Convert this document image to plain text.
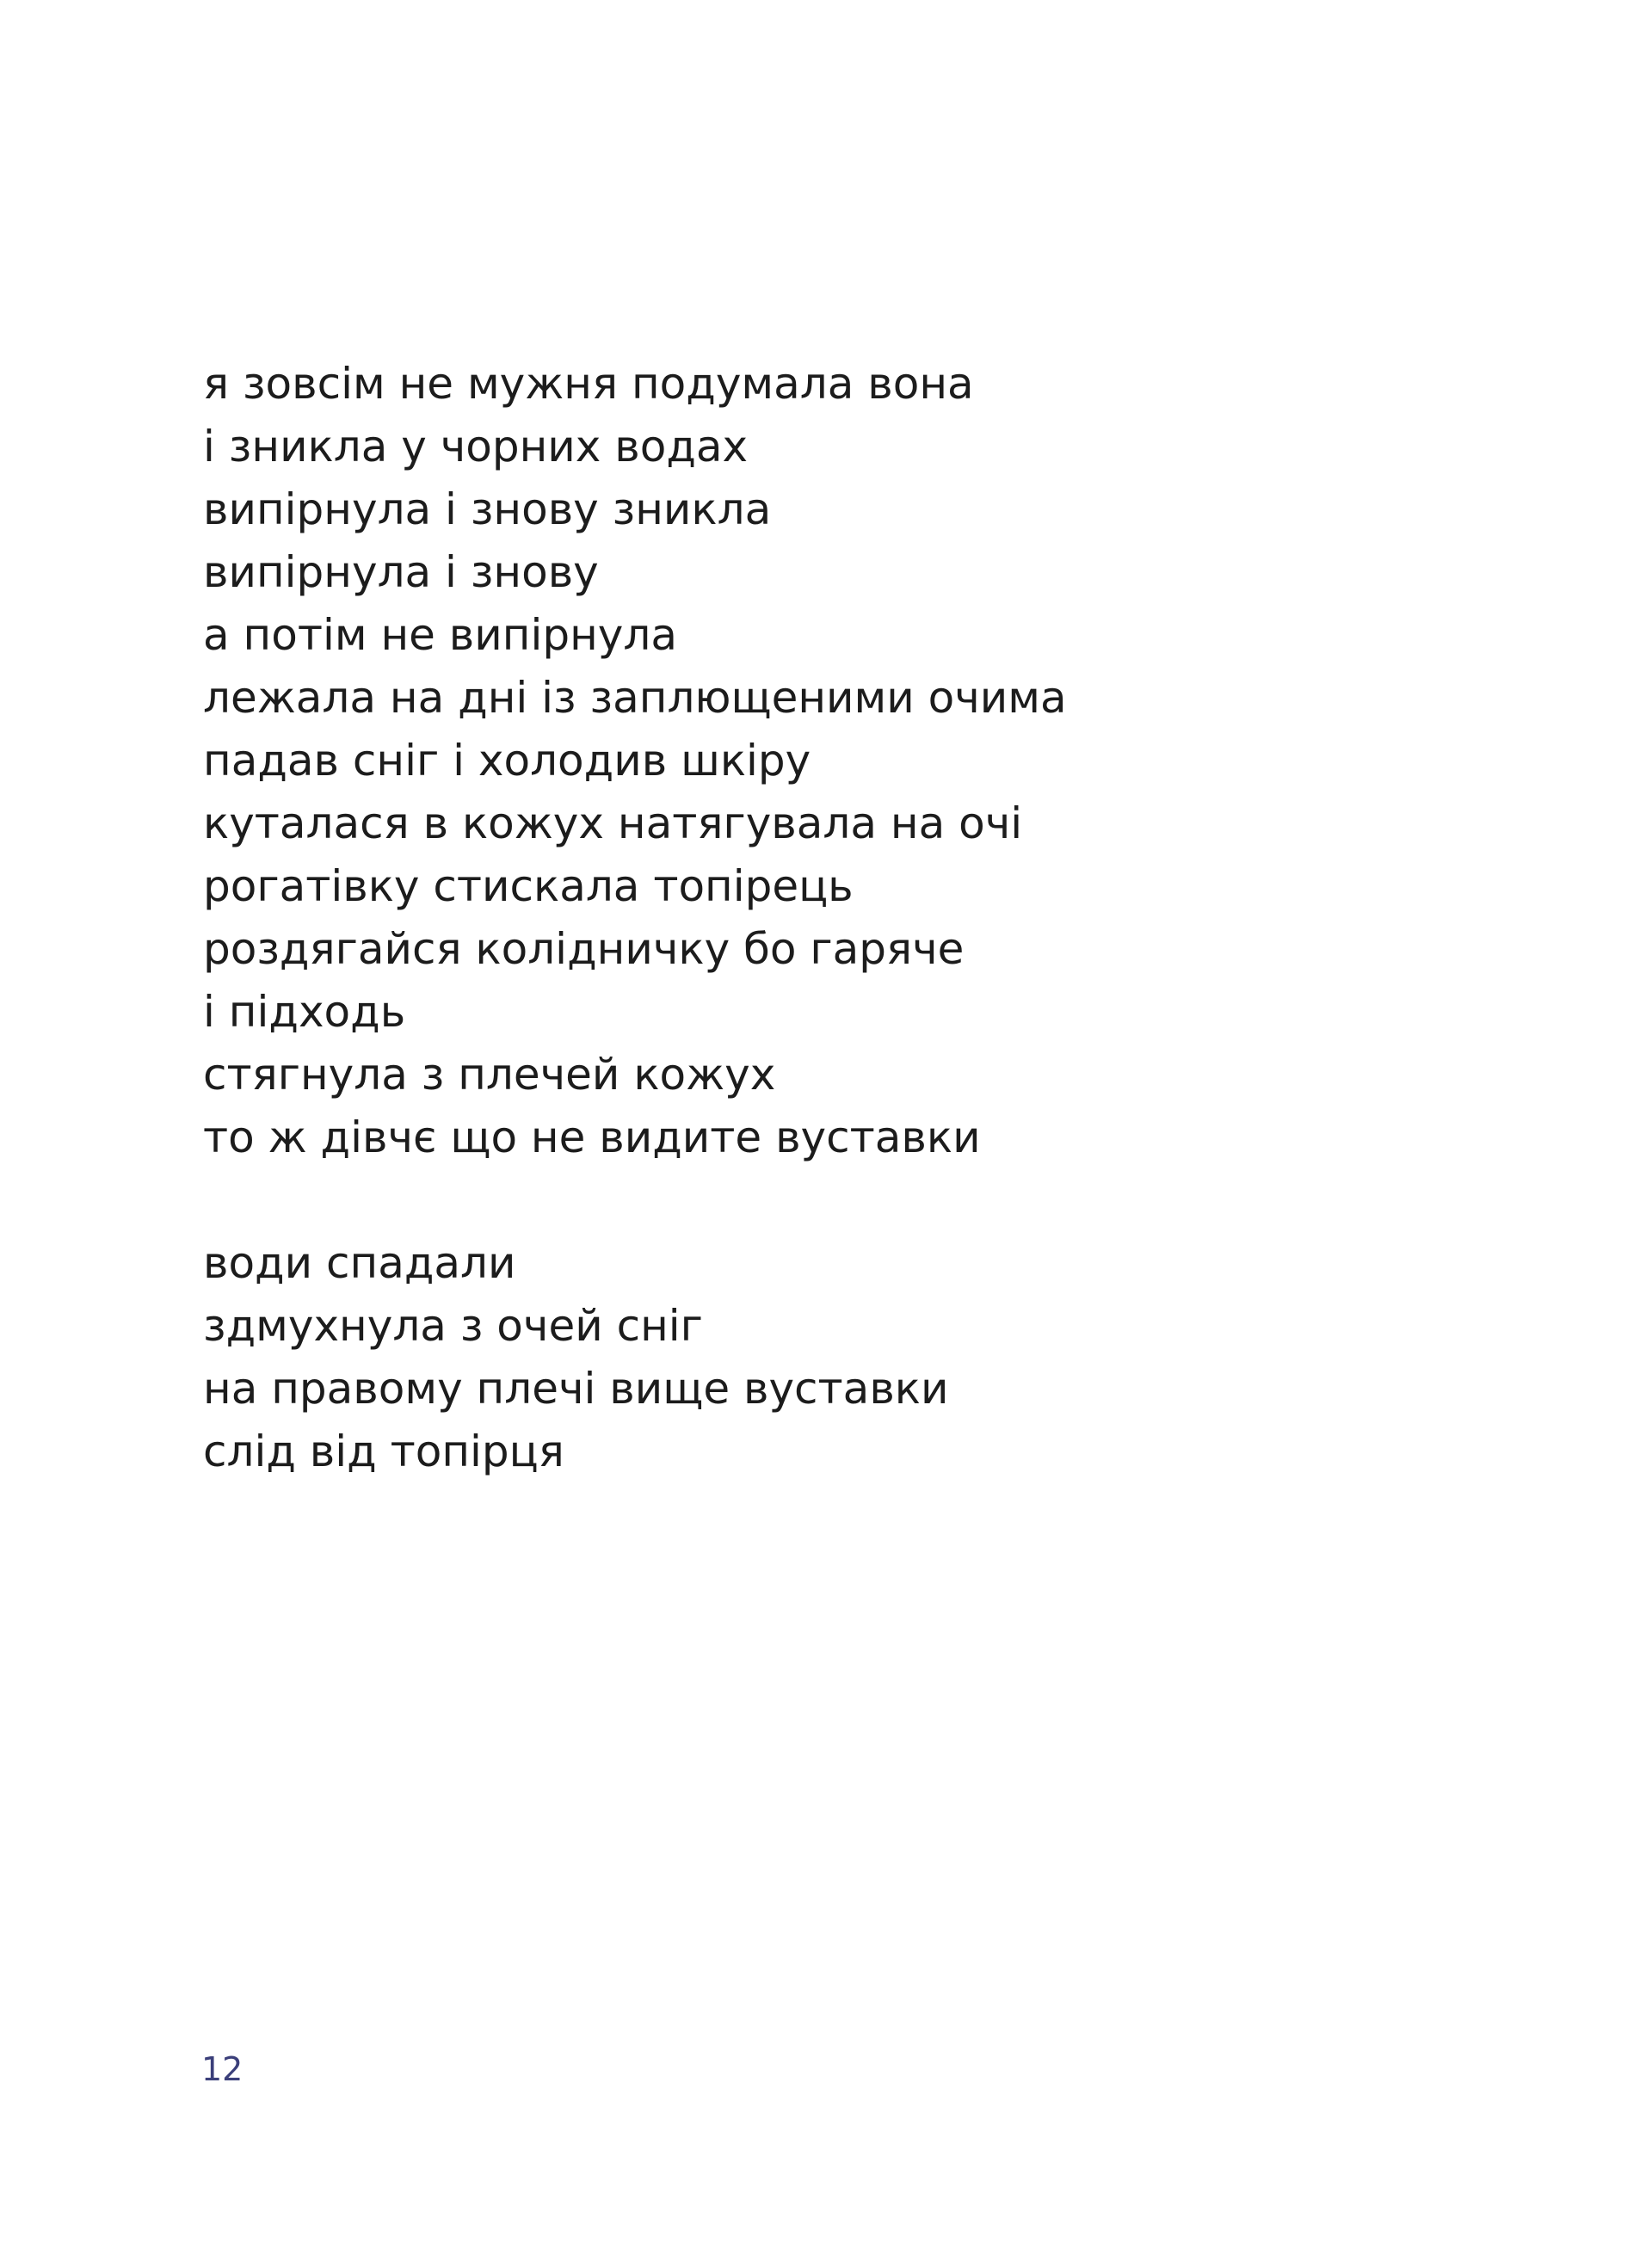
я зовсім не мужня подумала вона
і зникла у чорних водах
випірнула і знову зникла
випірнула і знову
а потім не випірнула
лежала на дні із заплющеними очима
падав сніг і холодив шкіру
куталася в кожух натягувала на очі
рогатівку стискала топірець
роздягайся колідничку бо гаряче
і підходь
стягнула з плечей кожух
то ж дівчє що не видите вуставки
води спадали
здмухнула з очей сніг
на правому плечі вище вуставки
слід від топірця
12
